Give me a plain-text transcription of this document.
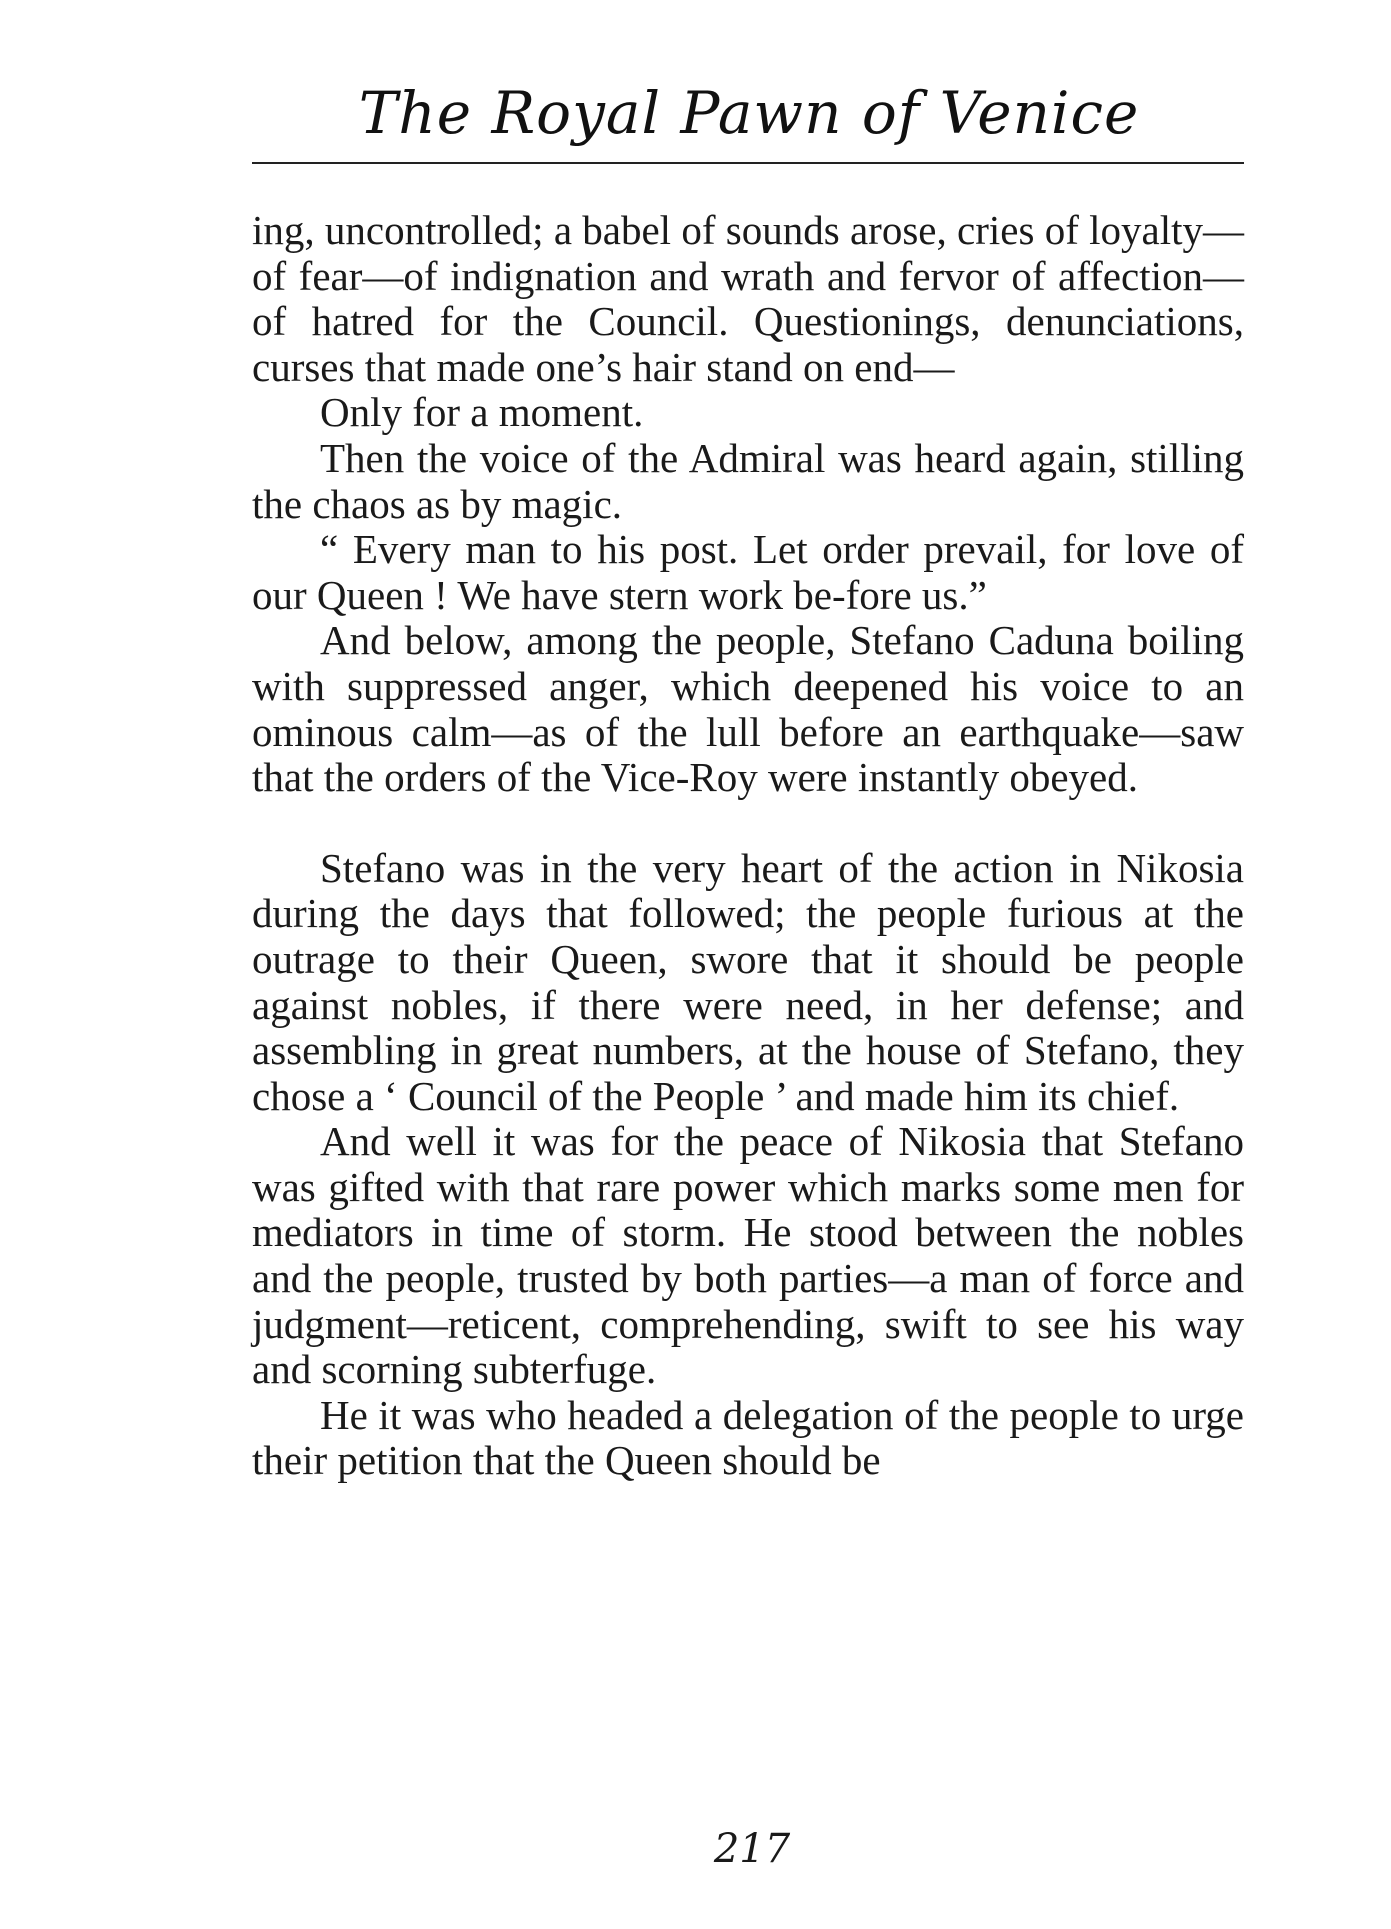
The Royal Pawn of Venice

ing, uncontrolled; a babel of sounds arose, cries of loyalty—of fear—of indignation and wrath and fervor of affection—of hatred for the Council. Questionings, denunciations, curses that made one’s hair stand on end—

Only for a moment.

Then the voice of the Admiral was heard again, stilling the chaos as by magic.

“ Every man to his post. Let order prevail, for love of our Queen ! We have stern work be-fore us.”

And below, among the people, Stefano Caduna boiling with suppressed anger, which deepened his voice to an ominous calm—as of the lull before an earthquake—saw that the orders of the Vice-Roy were instantly obeyed.

Stefano was in the very heart of the action in Nikosia during the days that followed; the people furious at the outrage to their Queen, swore that it should be people against nobles, if there were need, in her defense; and assembling in great numbers, at the house of Stefano, they chose a ‘ Council of the People ’ and made him its chief.

And well it was for the peace of Nikosia that Stefano was gifted with that rare power which marks some men for mediators in time of storm. He stood between the nobles and the people, trusted by both parties—a man of force and judgment—reticent, comprehending, swift to see his way and scorning subterfuge.

He it was who headed a delegation of the people to urge their petition that the Queen should be

217
